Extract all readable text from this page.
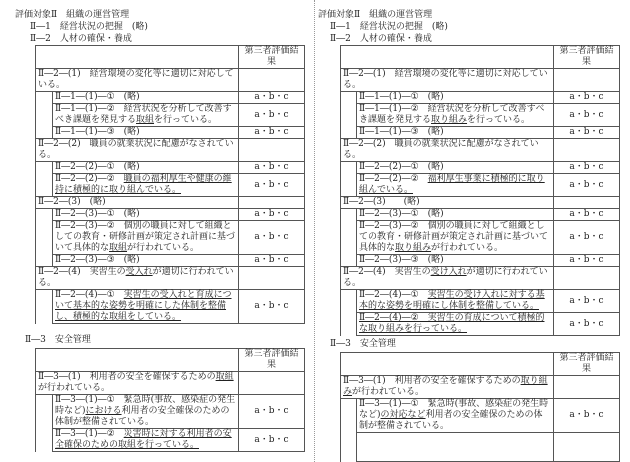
評価対象Ⅱ　組織の運営管理
Ⅱ―1　経営状況の把握　(略)
Ⅱ―2　人材の確保・養成
		第三者評価結果
Ⅱ―2―(1)　経営環境の変化等に適切に対応している。		
	Ⅱ―1―(1)―①　(略)	a・b・c
	Ⅱ―1―(1)―②　経営状況を分析して改善すべき課題を発見する取組を行っている。	a・b・c
	Ⅱ―1―(1)―③　(略)	a・b・c
Ⅱ―2―(2)　職員の就業状況に配慮がなされている。		
	Ⅱ―2―(2)―①　(略)	a・b・c
	Ⅱ―2―(2)―②　職員の福利厚生や健康の維持に積極的に取り組んでいる。	a・b・c
Ⅱ―2―(3)　(略)		
	Ⅱ―2―(3)―①　(略)	a・b・c
	Ⅱ―2―(3)―②　個別の職員に対して組織としての教育・研修計画が策定され計画に基づいて具体的な取組が行われている。	a・b・c
	Ⅱ―2―(3)―③　(略)	a・b・c
Ⅱ―2―(4)　実習生の受入れが適切に行われている。		
	Ⅱ―2―(4)―①　実習生の受入れと育成について基本的な姿勢を明確にした体制を整備し、積極的な取組をしている。	a・b・c
Ⅱ―3　安全管理
		第三者評価結果
Ⅱ―3―(1)　利用者の安全を確保するための取組が行われている。		
	Ⅱ―3―(1)―①　緊急時(事故、感染症の発生時など)における利用者の安全確保のための体制が整備されている。	a・b・c
	Ⅱ―3―(1)―②　災害時に対する利用者の安全確保のための取組を行っている。	a・b・c
評価対象Ⅱ　組織の運営管理
Ⅱ―1　経営状況の把握　(略)
Ⅱ―2　人材の確保・養成
		第三者評価結果
Ⅱ―2―(1)　経営環境の変化等に適切に対応している。		
	Ⅱ―1―(1)―①　(略)	a・b・c
	Ⅱ―1―(1)―②　経営状況を分析して改善すべき課題を発見する取り組みを行っている。	a・b・c
	Ⅱ―1―(1)―③　(略)	a・b・c
Ⅱ―2―(2)　職員の就業状況に配慮がなされている。		
	Ⅱ―2―(2)―①　(略)	a・b・c
	Ⅱ―2―(2)―②　福利厚生事業に積極的に取り組んでいる。	a・b・c
Ⅱ―2―(3)　　(略)		
	Ⅱ―2―(3)―①　(略)	a・b・c
	Ⅱ―2―(3)―②　個別の職員に対して組織としての教育・研修計画が策定され計画に基づいて具体的な取り組みが行われている。	a・b・c
	Ⅱ―2―(3)―③　(略)	a・b・c
Ⅱ―2―(4)　実習生の受け入れが適切に行われている。		
	Ⅱ―2―(4)―①　実習生の受け入れに対する基本的な姿勢を明確にし体制を整備している。	a・b・c
	Ⅱ―2―(4)―②　実習生の育成について積極的な取り組みを行っている。	a・b・c
Ⅱ―3　安全管理
		第三者評価結果
Ⅱ―3―(1)　利用者の安全を確保するための取り組みが行われている。		
	Ⅱ―3―(1)―①　緊急時(事故、感染症の発生時など)の対応など利用者の安全確保のための体制が整備されている。	a・b・c
